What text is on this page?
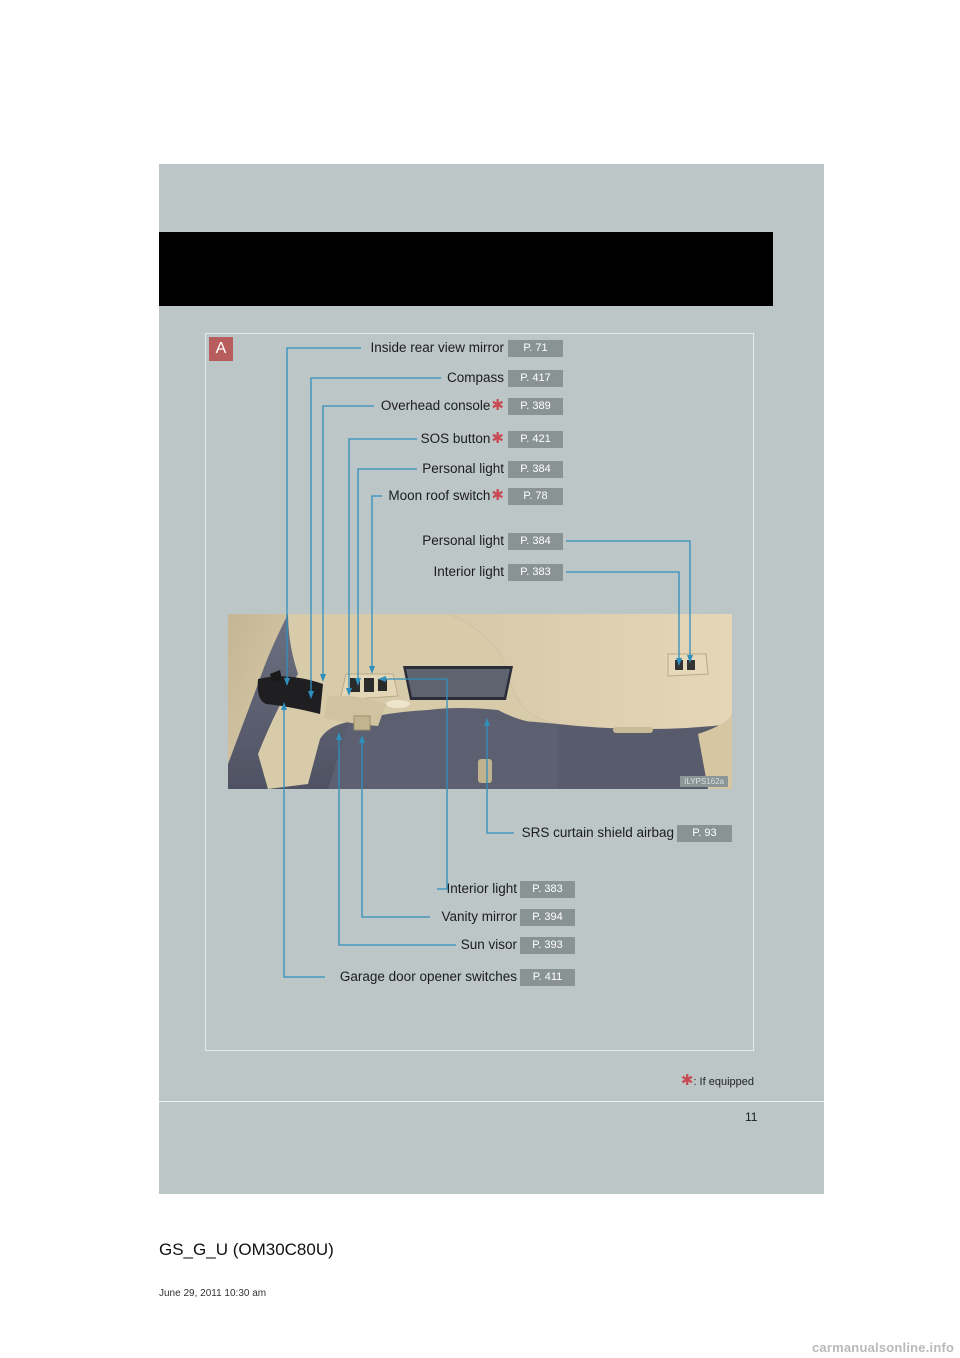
A	Inside rear view mirror	P. 71
Compass	P. 417
Overhead console✱	P. 389
SOS button✱	P. 421
Personal light	P. 384
Moon roof switch✱	P. 78
Personal light	P. 384
Interior light	P. 383
SRS curtain shield airbag	P. 93
Interior light	P. 383
Vanity mirror	P. 394
Sun visor	P. 393
Garage door opener switches	P. 411
ILYPS162a
✱: If equipped
11
GS_G_U (OM30C80U)
June 29, 2011 10:30 am
carmanualsonline.info
